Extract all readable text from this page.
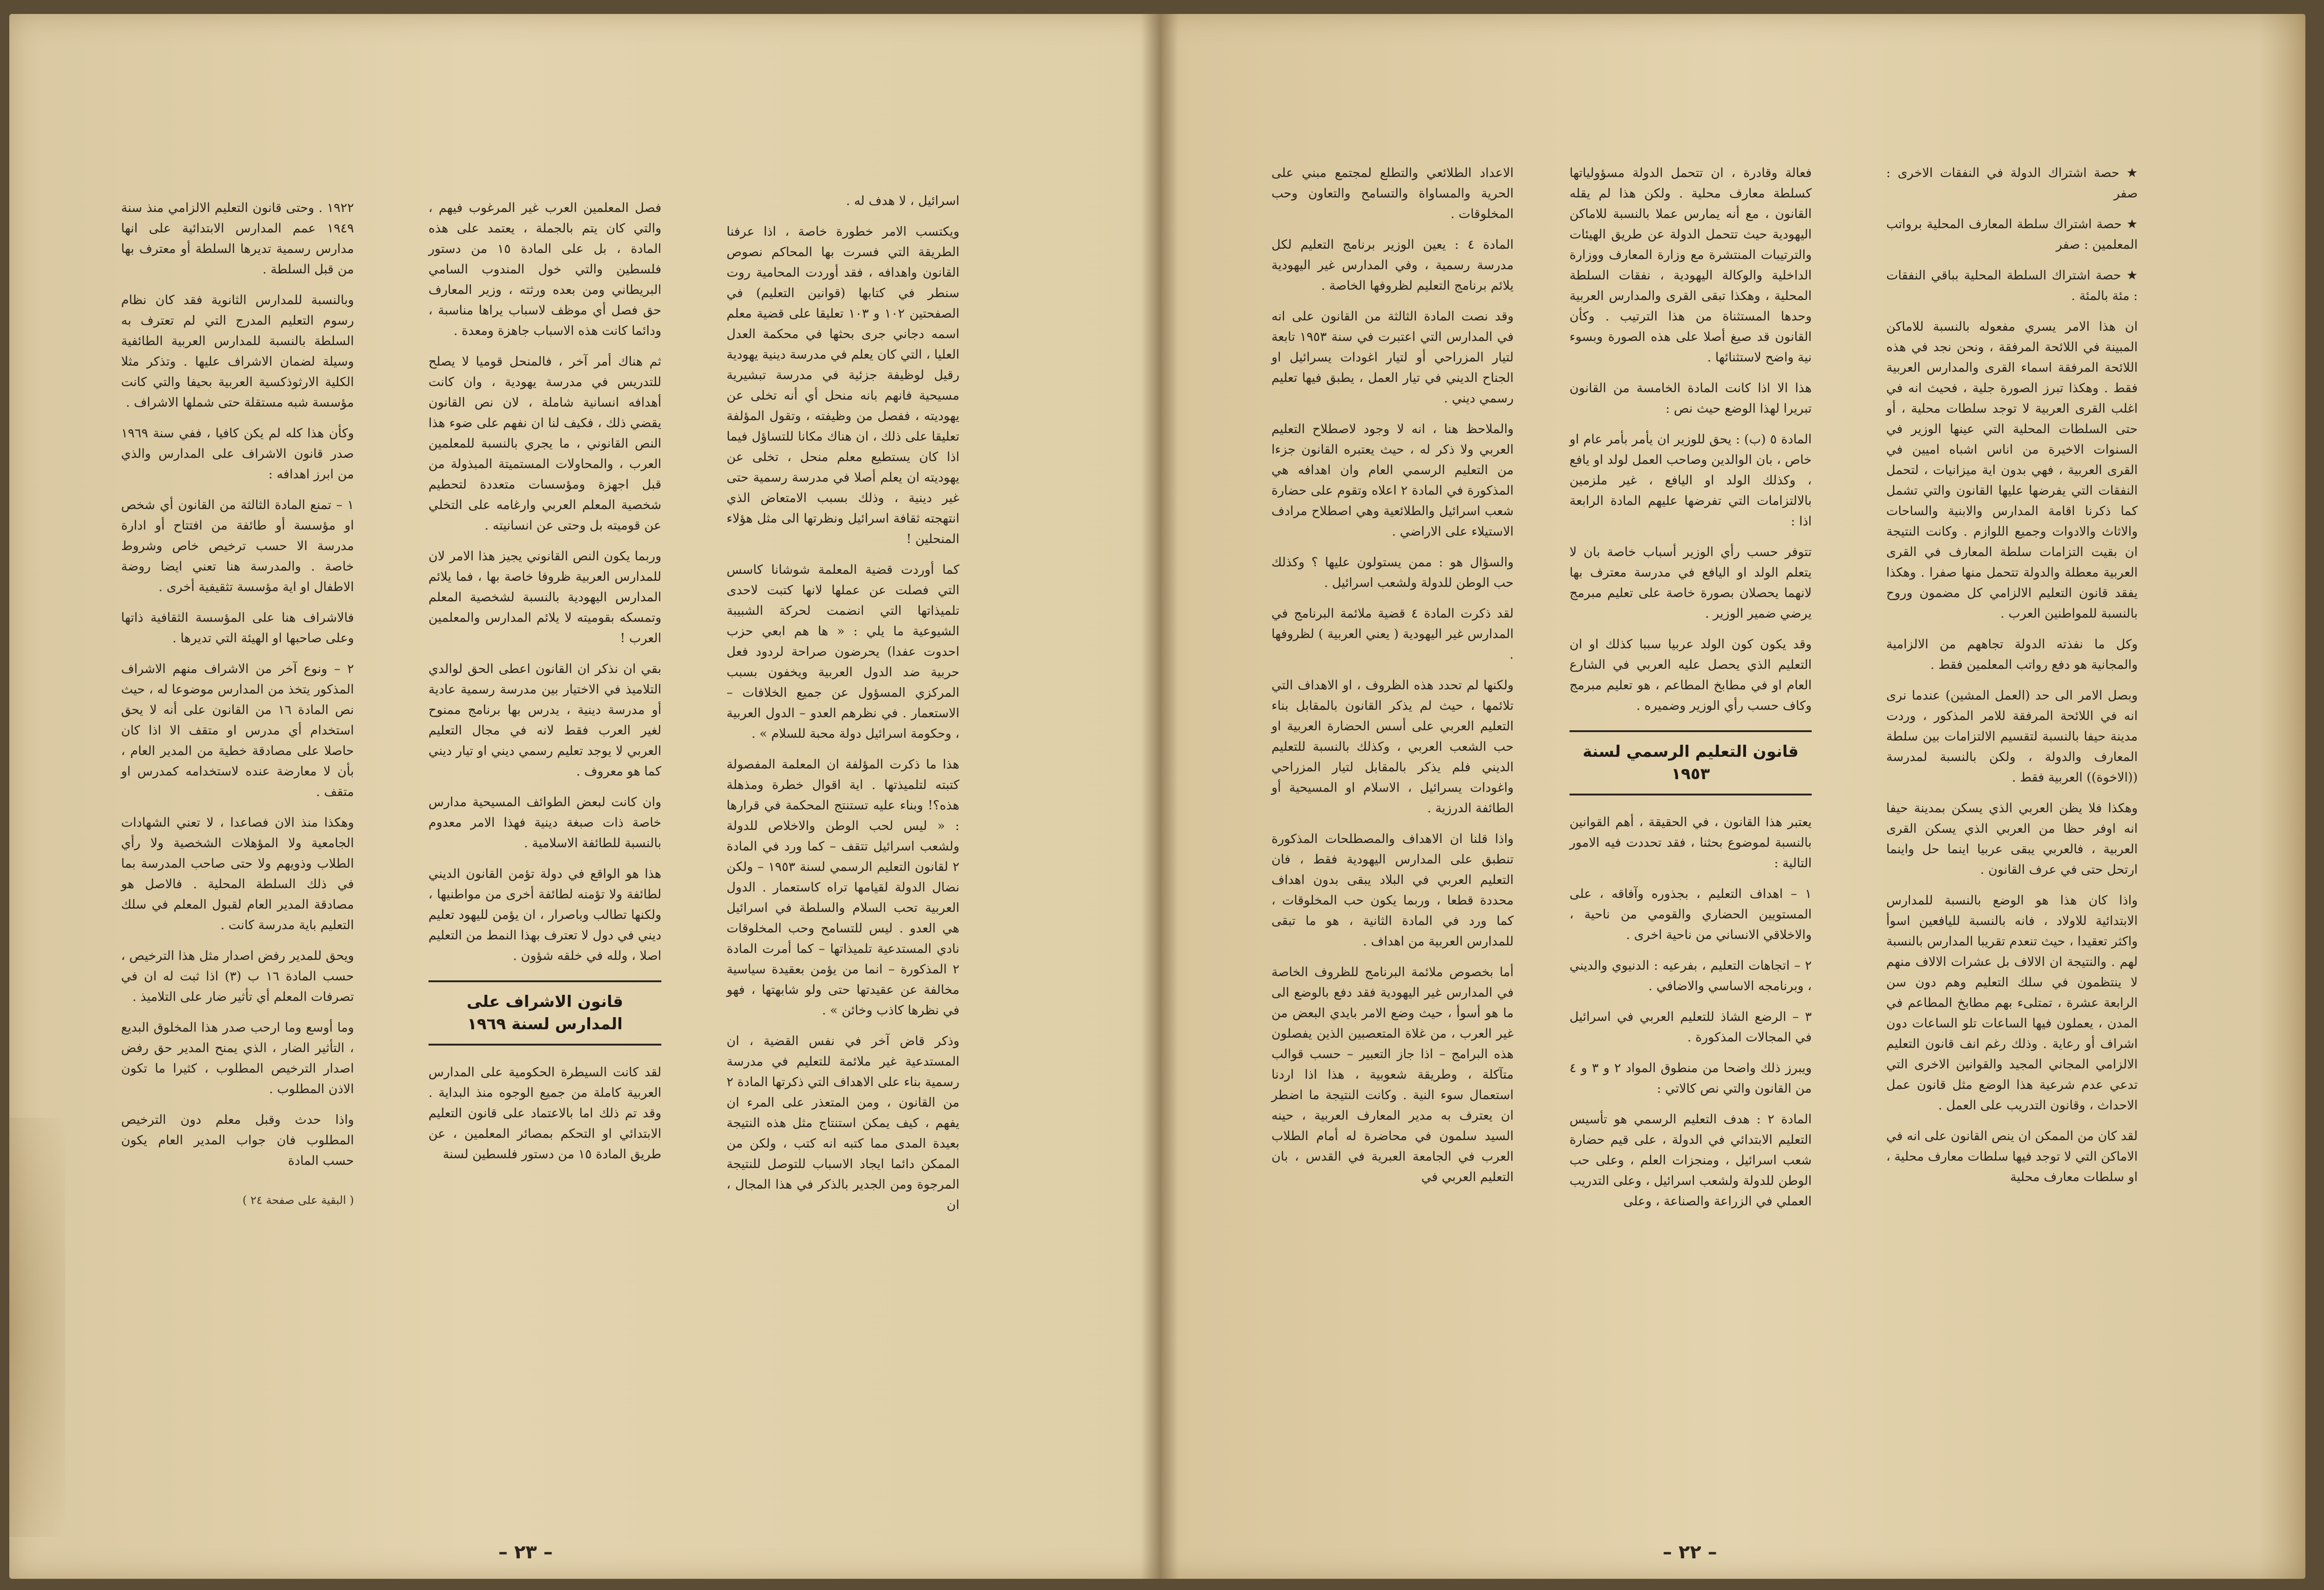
١٩٢٢ . وحتى قانون التعليم الالزامي منذ سنة ١٩٤٩ عمم المدارس الابتدائية على انها مدارس رسمية تديرها السلطة أو معترف بها من قبل السلطة .

وبالنسبة للمدارس الثانوية فقد كان نظام رسوم التعليم المدرج التي لم تعترف به السلطة بالنسبة للمدارس العربية الطائفية وسيلة لضمان الاشراف عليها . وتذكر مثلا الكلية الارثوذكسية العربية بحيفا والتي كانت مؤسسة شبه مستقلة حتى شملها الاشراف .

وكأن هذا كله لم يكن كافيا ، ففي سنة ١٩٦٩ صدر قانون الاشراف على المدارس والذي من ابرز اهدافه :

١ – تمنع المادة الثالثة من القانون أي شخص او مؤسسة أو طائفة من افتتاح أو ادارة مدرسة الا حسب ترخيص خاص وشروط خاصة . والمدرسة هنا تعني ايضا روضة الاطفال او اية مؤسسة تثقيفية أخرى .

فالاشراف هنا على المؤسسة الثقافية ذاتها وعلى صاحبها او الهيئة التي تديرها .

٢ – ونوع آخر من الاشراف منهم الاشراف المذكور يتخذ من المدارس موضوعا له ، حيث نص المادة ١٦ من القانون على أنه لا يحق استخدام أي مدرس او متقف الا اذا كان حاصلا على مصادقة خطية من المدير العام ، بأن لا معارضة عنده لاستخدامه كمدرس او متقف .

وهكذا منذ الان فصاعدا ، لا تعني الشهادات الجامعية ولا المؤهلات الشخصية ولا رأي الطلاب وذويهم ولا حتى صاحب المدرسة بما في ذلك السلطة المحلية . فالاصل هو مصادقة المدير العام لقبول المعلم في سلك التعليم باية مدرسة كانت .

ويحق للمدير رفض اصدار مثل هذا الترخيص ، حسب المادة ١٦ ب (٣) اذا ثبت له ان في تصرفات المعلم أي تأثير ضار على التلاميذ .

وما أوسع وما ارحب صدر هذا المخلوق البديع ، التأثير الضار ، الذي يمنح المدير حق رفض اصدار الترخيص المطلوب ، كثيرا ما تكون الاذن المطلوب .

واذا حدث وقبل معلم دون الترخيص المطلوب فان جواب المدير العام يكون حسب المادة

( البقية على صفحة ٢٤ )

فصل المعلمين العرب غير المرغوب فيهم ، والتي كان يتم بالجملة ، يعتمد على هذه المادة ، بل على المادة ١٥ من دستور فلسطين والتي خول المندوب السامي البريطاني ومن بعده ورثته ، وزير المعارف حق فصل أي موظف لاسباب يراها مناسبة ، ودائما كانت هذه الاسباب جاهزة ومعدة .

ثم هناك أمر آخر ، فالمنحل قوميا لا يصلح للتدريس في مدرسة يهودية ، وان كانت أهدافه انسانية شاملة ، لان نص القانون يقضي ذلك ، فكيف لنا ان نفهم على ضوء هذا النص القانوني ، ما يجري بالنسبة للمعلمين العرب ، والمحاولات المستميتة المبذولة من قبل اجهزة ومؤسسات متعددة لتحطيم شخصية المعلم العربي وارغامه على التخلي عن قوميته بل وحتى عن انسانيته .

وربما يكون النص القانوني يجيز هذا الامر لان للمدارس العربية ظروفا خاصة بها ، فما يلائم المدارس اليهودية بالنسبة لشخصية المعلم وتمسكه بقوميته لا يلائم المدارس والمعلمين العرب !

بقي ان نذكر ان القانون اعطى الحق لوالدي التلاميذ في الاختيار بين مدرسة رسمية عادية أو مدرسة دينية ، يدرس بها برنامج ممنوح لغير العرب فقط لانه في مجال التعليم العربي لا يوجد تعليم رسمي ديني او تيار ديني كما هو معروف .

وان كانت لبعض الطوائف المسيحية مدارس خاصة ذات صبغة دينية فهذا الامر معدوم بالنسبة للطائفة الاسلامية .

هذا هو الواقع في دولة تؤمن القانون الديني لطائفة ولا تؤمنه لطائفة أخرى من مواطنيها ، ولكنها تطالب وباصرار ، ان يؤمن لليهود تعليم ديني في دول لا تعترف بهذا النمط من التعليم اصلا ، ولله في خلقه شؤون .

قانون الاشراف على المدارس لسنة ١٩٦٩

لقد كانت السيطرة الحكومية على المدارس العربية كاملة من جميع الوجوه منذ البداية . وقد تم ذلك اما بالاعتماد على قانون التعليم الابتدائي او التحكم بمصائر المعلمين ، عن طريق المادة ١٥ من دستور فلسطين لسنة

اسرائيل ، لا هدف له .

ويكتسب الامر خطورة خاصة ، اذا عرفنا الطريقة التي فسرت بها المحاكم نصوص القانون واهدافه ، فقد أوردت المحامية روت سنطر في كتابها (قوانين التعليم) في الصفحتين ١٠٢ و ١٠٣ تعليقا على قضية معلم اسمه دجاني جرى بحثها في محكمة العدل العليا ، التي كان يعلم في مدرسة دينية يهودية رقيل لوظيفة جزئية في مدرسة تبشيرية مسيحية فانهم بانه منحل أي أنه تخلى عن يهوديته ، ففصل من وظيفته ، وتقول المؤلفة تعليقا على ذلك ، ان هناك مكانا للتساؤل فيما اذا كان يستطيع معلم منحل ، تخلى عن يهوديته ان يعلم أصلا في مدرسة رسمية حتى غير دينية ، وذلك بسبب الامتعاض الذي انتهجته ثقافة اسرائيل ونظرتها الى مثل هؤلاء المنحلين !

كما أوردت قضية المعلمة شوشانا كاسس التي فصلت عن عملها لانها كتبت لاحدى تلميذاتها التي انضمت لحركة الشبيبة الشيوعية ما يلي : « ها هم ابعي حزب احدوت عفدا) يحرضون صراحة لردود فعل حربية ضد الدول العربية ويخفون بسبب المركزي المسؤول عن جميع الخلافات – الاستعمار . في نظرهم العدو – الدول العربية ، وحكومة اسرائيل دولة محبة للسلام » .

هذا ما ذكرت المؤلفة ان المعلمة المفصولة كتبته لتلميذتها . اية اقوال خطرة ومذهلة هذه؟! وبناء عليه تستنتج المحكمة في قرارها : « ليس لحب الوطن والاخلاص للدولة ولشعب اسرائيل تتقف – كما ورد في المادة ٢ لقانون التعليم الرسمي لسنة ١٩٥٣ – ولكن نضال الدولة لقيامها تراه كاستعمار . الدول العربية تحب السلام والسلطة في اسرائيل هي العدو . ليس للتسامح وحب المخلوقات نادي المستدعية تلميذاتها – كما أمرت المادة ٢ المذكورة – انما من يؤمن بعقيدة سياسية مخالفة عن عقيدتها حتى ولو شابهتها ، فهو في نظرها كاذب وخائن » .

وذكر قاض آخر في نفس القضية ، ان المستدعية غير ملائمة للتعليم في مدرسة رسمية بناء على الاهداف التي ذكرتها المادة ٢ من القانون ، ومن المتعذر على المرء ان يفهم ، كيف يمكن استنتاج مثل هذه النتيجة بعيدة المدى مما كتبه انه كتب ، ولكن من الممكن دائما ايجاد الاسباب للتوصل للنتيجة المرجوة ومن الجدير بالذكر في هذا المجال ، ان

– ٢٣ –

الاعداد الطلائعي والتطلع لمجتمع مبني على الحرية والمساواة والتسامح والتعاون وحب المخلوقات .

المادة ٤ : يعين الوزير برنامج التعليم لكل مدرسة رسمية ، وفي المدارس غير اليهودية يلائم برنامج التعليم لظروفها الخاصة .

وقد نصت المادة الثالثة من القانون على انه في المدارس التي اعتبرت في سنة ١٩٥٣ تابعة لتيار المزراحي أو لتيار اغودات يسرائيل او الجناح الديني في تيار العمل ، يطبق فيها تعليم رسمي ديني .

والملاحظ هنا ، انه لا وجود لاصطلاح التعليم العربي ولا ذكر له ، حيث يعتبره القانون جزءا من التعليم الرسمي العام وان اهدافه هي المذكورة في المادة ٢ اعلاه وتقوم على حضارة شعب اسرائيل والطلائعية وهي اصطلاح مرادف الاستيلاء على الاراضي .

والسؤال هو : ممن يستولون عليها ؟ وكذلك حب الوطن للدولة ولشعب اسرائيل .

لقد ذكرت المادة ٤ قضية ملائمة البرنامج في المدارس غير اليهودية ( يعني العربية ) لظروفها .

ولكنها لم تحدد هذه الظروف ، او الاهداف التي تلائمها ، حيث لم يذكر القانون بالمقابل بناء التعليم العربي على أسس الحضارة العربية او حب الشعب العربي ، وكذلك بالنسبة للتعليم الديني فلم يذكر بالمقابل لتيار المزراحي واغودات يسرائيل ، الاسلام او المسيحية أو الطائفة الدرزية .

واذا قلنا ان الاهداف والمصطلحات المذكورة تنطبق على المدارس اليهودية فقط ، فان التعليم العربي في البلاد يبقى بدون اهداف محددة قطعا ، وربما يكون حب المخلوقات ، كما ورد في المادة الثانية ، هو ما تبقى للمدارس العربية من اهداف .

أما بخصوص ملائمة البرنامج للظروف الخاصة في المدارس غير اليهودية فقد دفع بالوضع الى ما هو أسوأ ، حيث وضع الامر بايدي البعض من غير العرب ، من غلاة المتعصبين الذين يفصلون هذه البرامج – اذا جاز التعبير – حسب قوالب متآكلة ، وطريقة شعوبية ، هذا اذا اردنا استعمال سوء النية . وكانت النتيجة ما اضطر ان يعترف به مدير المعارف العربية ، حينه السيد سلمون في محاضرة له أمام الطلاب العرب في الجامعة العبرية في القدس ، بان التعليم العربي في

فعالة وقادرة ، ان تتحمل الدولة مسؤولياتها كسلطة معارف محلية . ولكن هذا لم يقله القانون ، مع أنه يمارس عملا بالنسبة للاماكن اليهودية حيث تتحمل الدولة عن طريق الهيئات والترتيبات المنتشرة مع وزارة المعارف ووزارة الداخلية والوكالة اليهودية ، نفقات السلطة المحلية ، وهكذا تبقى القرى والمدارس العربية وحدها المستثناة من هذا الترتيب . وكأن القانون قد صيغ أصلا على هذه الصورة وبسوء نية واضح لاستثنائها .

هذا الا اذا كانت المادة الخامسة من القانون تبريرا لهذا الوضع حيث نص :

المادة ٥ (ب) : يحق للوزير ان يأمر بأمر عام او خاص ، بان الوالدين وصاحب العمل لولد او يافع ، وكذلك الولد او اليافع ، غير ملزمين بالالتزامات التي تفرضها عليهم المادة الرابعة اذا :

تتوفر حسب رأي الوزير أسباب خاصة بان لا يتعلم الولد او اليافع في مدرسة معترف بها لانهما يحصلان بصورة خاصة على تعليم مبرمج يرضي ضمير الوزير .

وقد يكون كون الولد عربيا سببا كذلك او ان التعليم الذي يحصل عليه العربي في الشارع العام او في مطابخ المطاعم ، هو تعليم مبرمج وكاف حسب رأي الوزير وضميره .

قانون التعليم الرسمي لسنة ١٩٥٣

يعتبر هذا القانون ، في الحقيقة ، أهم القوانين بالنسبة لموضوع بحثنا ، فقد تحددت فيه الامور التالية :

١ – اهداف التعليم ، بجذوره وآفاقه ، على المستويين الحضاري والقومي من ناحية ، والاخلاقي الانساني من ناحية اخرى .

٢ – اتجاهات التعليم ، بفرعيه : الدنيوي والديني ، وبرنامجه الاساسي والاضافي .

٣ – الرضع الشاذ للتعليم العربي في اسرائيل في المجالات المذكورة .

ويبرز ذلك واضحا من منطوق المواد ٢ و ٣ و ٤ من القانون والتي نص كالاتي :

المادة ٢ : هدف التعليم الرسمي هو تأسيس التعليم الابتدائي في الدولة ، على قيم حضارة شعب اسرائيل ، ومنجزات العلم ، وعلى حب الوطن للدولة ولشعب اسرائيل ، وعلى التدريب العملي في الزراعة والصناعة ، وعلى

★ حصة اشتراك الدولة في النفقات الاخرى : صفر

★ حصة اشتراك سلطة المعارف المحلية برواتب المعلمين : صفر

★ حصة اشتراك السلطة المحلية بباقي النفقات : مئة بالمئة .

ان هذا الامر يسري مفعوله بالنسبة للاماكن المبينة في اللائحة المرفقة ، ونحن نجد في هذه اللائحة المرفقة اسماء القرى والمدارس العربية فقط . وهكذا تبرز الصورة جلية ، فحيث انه في اغلب القرى العربية لا توجد سلطات محلية ، أو حتى السلطات المحلية التي عينها الوزير في السنوات الاخيرة من اناس اشباه اميين في القرى العربية ، فهي بدون اية ميزانيات ، لتحمل النفقات التي يفرضها عليها القانون والتي تشمل كما ذكرنا اقامة المدارس والابنية والساحات والاثاث والادوات وجميع اللوازم . وكانت النتيجة ان بقيت التزامات سلطة المعارف في القرى العربية معطلة والدولة تتحمل منها صفرا . وهكذا يفقد قانون التعليم الالزامي كل مضمون وروح بالنسبة للمواطنين العرب .

وكل ما نفذته الدولة تجاههم من الالزامية والمجانية هو دفع رواتب المعلمين فقط .

وبصل الامر الى حد (العمل المشين) عندما نرى انه في اللائحة المرفقة للامر المذكور ، وردت مدينة حيفا بالنسبة لتقسيم الالتزامات بين سلطة المعارف والدولة ، ولكن بالنسبة لمدرسة ((الاخوة)) العربية فقط .

وهكذا فلا يظن العربي الذي يسكن بمدينة حيفا انه اوفر حظا من العربي الذي يسكن القرى العربية ، فالعربي يبقى عربيا اينما حل واينما ارتحل حتى في عرف القانون .

واذا كان هذا هو الوضع بالنسبة للمدارس الابتدائية للاولاد ، فانه بالنسبة لليافعين اسوأ واكثر تعقيدا ، حيث تنعدم تقريبا المدارس بالنسبة لهم . والنتيجة ان الالاف بل عشرات الالاف منهم لا ينتظمون في سلك التعليم وهم دون سن الرابعة عشرة ، تمتلىء بهم مطابخ المطاعم في المدن ، يعملون فيها الساعات تلو الساعات دون اشراف أو رعاية . وذلك رغم انف قانون التعليم الالزامي المجاني المجيد والقوانين الاخرى التي تدعي عدم شرعية هذا الوضع مثل قانون عمل الاحداث ، وقانون التدريب على العمل .

لقد كان من الممكن ان ينص القانون على انه في الاماكن التي لا توجد فيها سلطات معارف محلية ، او سلطات معارف محلية

– ٢٢ –
